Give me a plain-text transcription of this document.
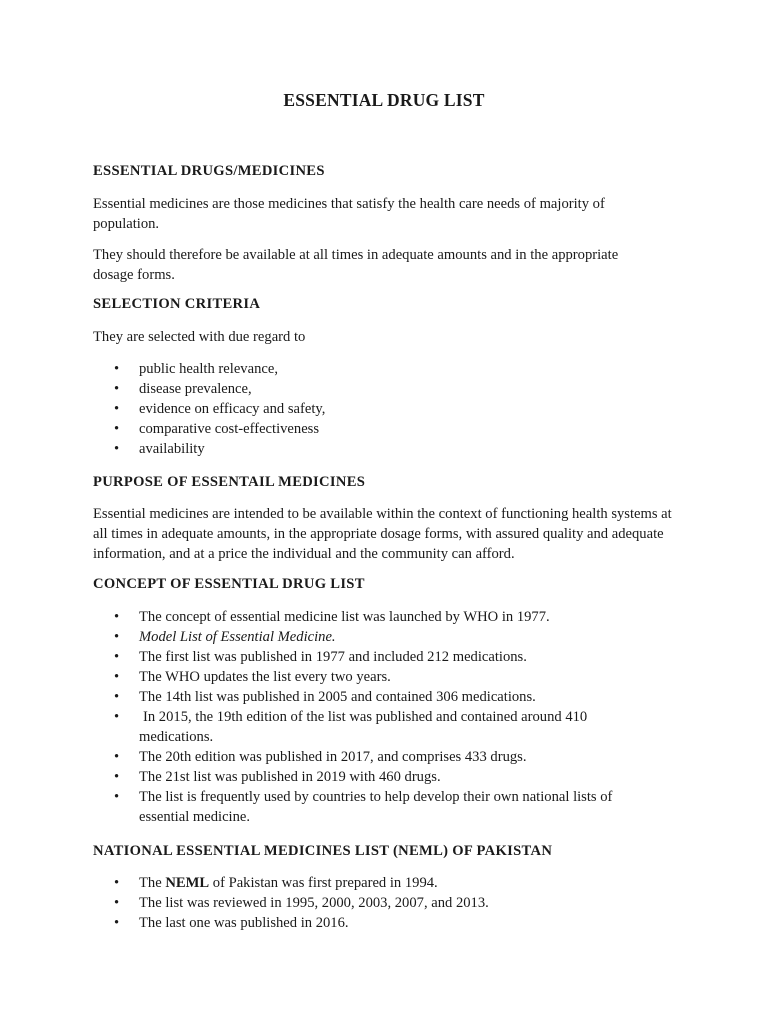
ESSENTIAL DRUG LIST
ESSENTIAL DRUGS/MEDICINES

Essential medicines are those medicines that satisfy the health care needs of majority of population.

They should therefore be available at all times in adequate amounts and in the appropriate dosage forms.

SELECTION CRITERIA

They are selected with due regard to

• public health relevance,
• disease prevalence,
• evidence on efficacy and safety,
• comparative cost-effectiveness
• availability
PURPOSE OF ESSENTAIL MEDICINES

Essential medicines are intended to be available within the context of functioning health systems at all times in adequate amounts, in the appropriate dosage forms, with assured quality and adequate information, and at a price the individual and the community can afford.

CONCEPT OF ESSENTIAL DRUG LIST
• The concept of essential medicine list was launched by WHO in 1977.
• Model List of Essential Medicine.
• The first list was published in 1977 and included 212 medications.
• The WHO updates the list every two years.
• The 14th list was published in 2005 and contained 306 medications.
• In 2015, the 19th edition of the list was published and contained around 410 medications.
• The 20th edition was published in 2017, and comprises 433 drugs.
• The 21st list was published in 2019 with 460 drugs.
• The list is frequently used by countries to help develop their own national lists of essential medicine.
NATIONAL ESSENTIAL MEDICINES LIST (NEML) OF PAKISTAN
• The NEML of Pakistan was first prepared in 1994.
• The list was reviewed in 1995, 2000, 2003, 2007, and 2013.
• The last one was published in 2016.
